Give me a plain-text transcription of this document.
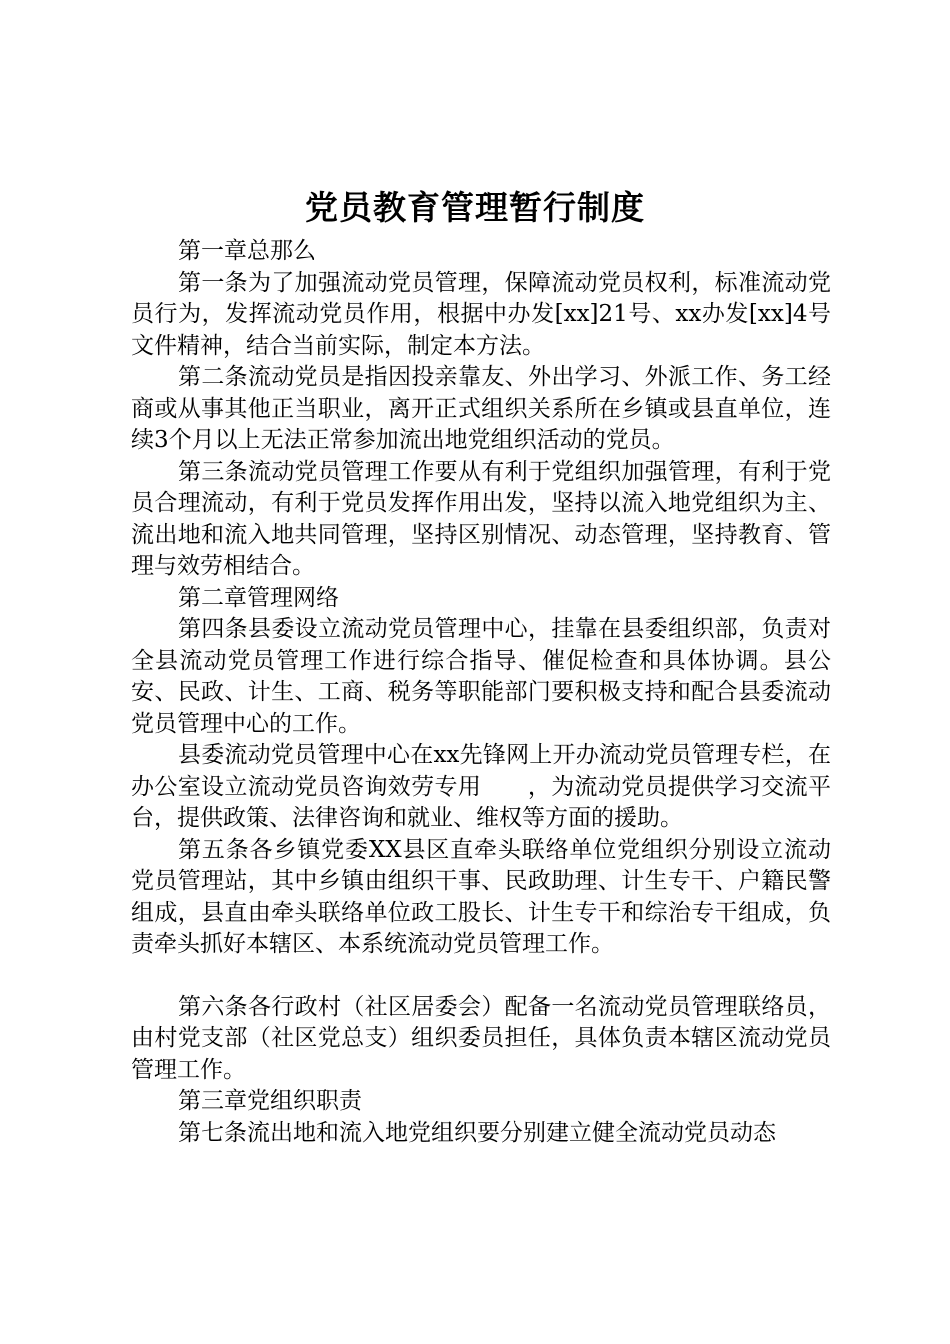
党员教育管理暂行制度

第一章总那么

第一条为了加强流动党员管理，保障流动党员权利，标准流动党员行为，发挥流动党员作用，根据中办发[xx]21号、xx办发[xx]4号文件精神，结合当前实际，制定本方法。

第二条流动党员是指因投亲靠友、外出学习、外派工作、务工经商或从事其他正当职业，离开正式组织关系所在乡镇或县直单位，连续3个月以上无法正常参加流出地党组织活动的党员。

第三条流动党员管理工作要从有利于党组织加强管理，有利于党员合理流动，有利于党员发挥作用出发，坚持以流入地党组织为主、流出地和流入地共同管理，坚持区别情况、动态管理，坚持教育、管理与效劳相结合。

第二章管理网络

第四条县委设立流动党员管理中心，挂靠在县委组织部，负责对全县流动党员管理工作进行综合指导、催促检查和具体协调。县公安、民政、计生、工商、税务等职能部门要积极支持和配合县委流动党员管理中心的工作。

县委流动党员管理中心在xx先锋网上开办流动党员管理专栏，在办公室设立流动党员咨询效劳专用　　，为流动党员提供学习交流平台，提供政策、法律咨询和就业、维权等方面的援助。

第五条各乡镇党委XX县区直牵头联络单位党组织分别设立流动党员管理站，其中乡镇由组织干事、民政助理、计生专干、户籍民警组成，县直由牵头联络单位政工股长、计生专干和综治专干组成，负责牵头抓好本辖区、本系统流动党员管理工作。

第六条各行政村（社区居委会）配备一名流动党员管理联络员，由村党支部（社区党总支）组织委员担任，具体负责本辖区流动党员管理工作。

第三章党组织职责

第七条流出地和流入地党组织要分别建立健全流动党员动态
